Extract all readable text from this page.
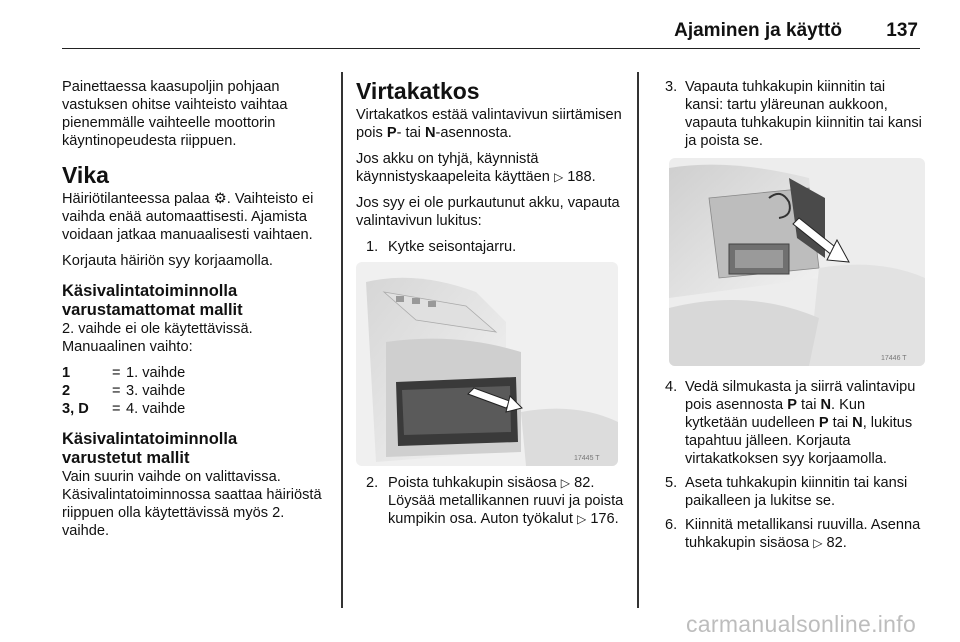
Ajaminen ja käyttö 137

Painettaessa kaasupoljin pohjaan vastuksen ohitse vaihteisto vaihtaa pienemmälle vaihteelle moottorin käyntinopeudesta riippuen.

Vika

Häiriötilanteessa palaa ⚙. Vaihteisto ei vaihda enää automaattisesti. Ajamista voidaan jatkaa manuaalisesti vaihtaen.

Korjauta häiriön syy korjaamolla.

Käsivalintatoiminnolla
varustamattomat mallit

2. vaihde ei ole käytettävissä. Manuaalinen vaihto:

1	= 1. vaihde
2	= 3. vaihde
3, D	= 4. vaihde
Käsivalintatoiminnolla
varustetut mallit

Vain suurin vaihde on valittavissa. Käsivalintatoiminnossa saattaa häiriöstä riippuen olla käytettävissä myös 2. vaihde.

Virtakatkos

Virtakatkos estää valintavivun siirtämisen pois P- tai N-asennosta.

Jos akku on tyhjä, käynnistä käynnistyskaapeleita käyttäen ▷ 188.

Jos syy ei ole purkautunut akku, vapauta valintavivun lukitus:

1. Kytke seisontajarru.
17445 T
2. Poista tuhkakupin sisäosa ▷ 82. Löysää metallikannen ruuvi ja poista kumpikin osa. Auton työkalut ▷ 176.
3. Vapauta tuhkakupin kiinnitin tai kansi: tartu yläreunan aukkoon, vapauta tuhkakupin kiinnitin tai kansi ja poista se.
17446 T
4. Vedä silmukasta ja siirrä valintavipu pois asennosta P tai N. Kun kytketään uudelleen P tai N, lukitus tapahtuu jälleen. Korjauta virtakatkoksen syy korjaamolla.
5. Aseta tuhkakupin kiinnitin tai kansi paikalleen ja lukitse se.
6. Kiinnitä metallikansi ruuvilla. Asenna tuhkakupin sisäosa ▷ 82.
carmanualsonline.info
